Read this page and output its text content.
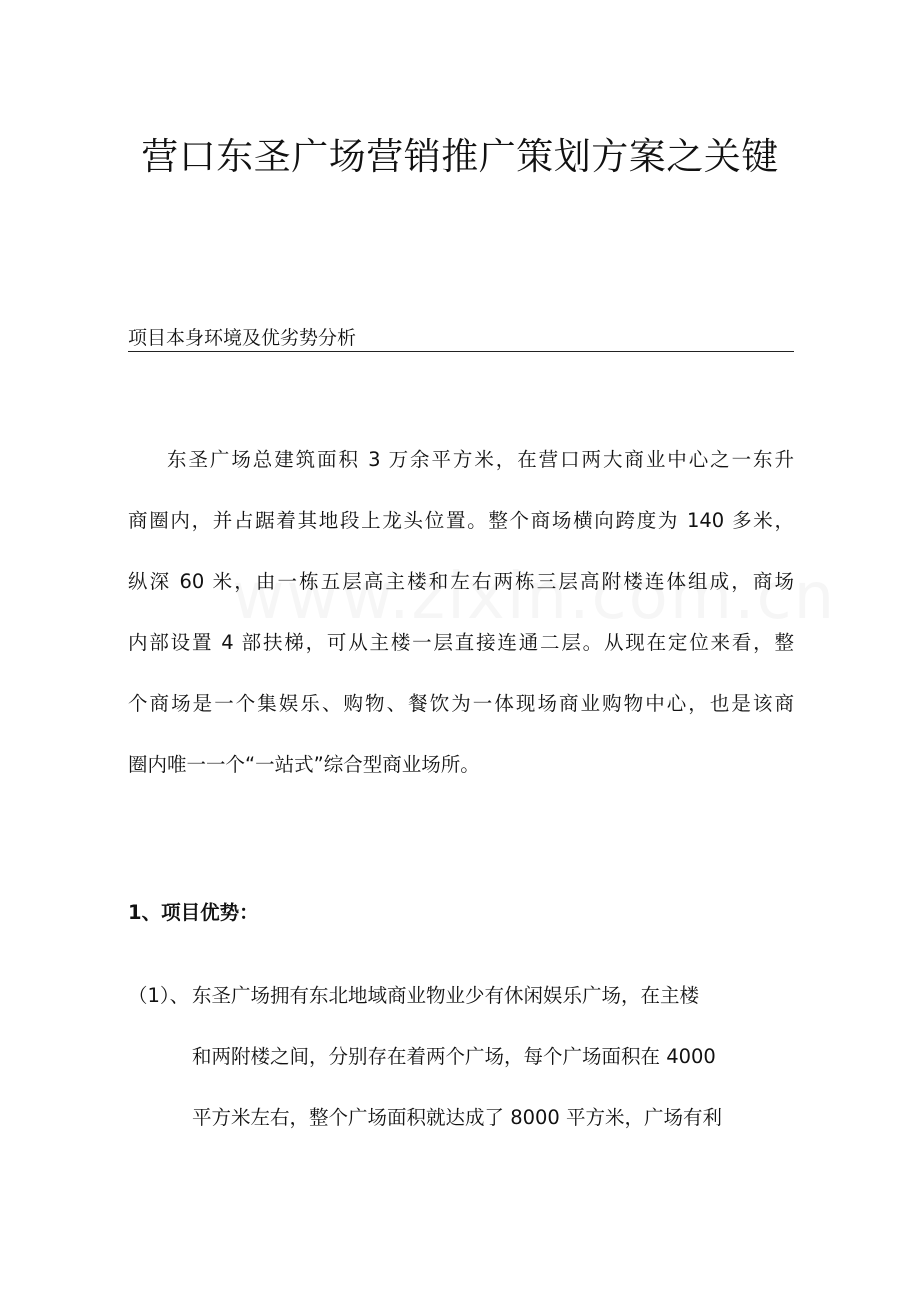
营口东圣广场营销推广策划方案之关键
项目本身环境及优劣势分析
东圣广场总建筑面积 3 万余平方米，在营口两大商业中心之一东升
商圈内，并占踞着其地段上龙头位置。整个商场横向跨度为 140 多米，
纵深 60 米，由一栋五层高主楼和左右两栋三层高附楼连体组成，商场
内部设置 4 部扶梯，可从主楼一层直接连通二层。从现在定位来看，整
个商场是一个集娱乐、购物、餐饮为一体现场商业购物中心，也是该商
圈内唯一一个“一站式”综合型商业场所。
1、项目优势：
（1）、 东圣广场拥有东北地域商业物业少有休闲娱乐广场，在主楼
和两附楼之间，分别存在着两个广场，每个广场面积在 4000
平方米左右，整个广场面积就达成了 8000 平方米，广场有利
